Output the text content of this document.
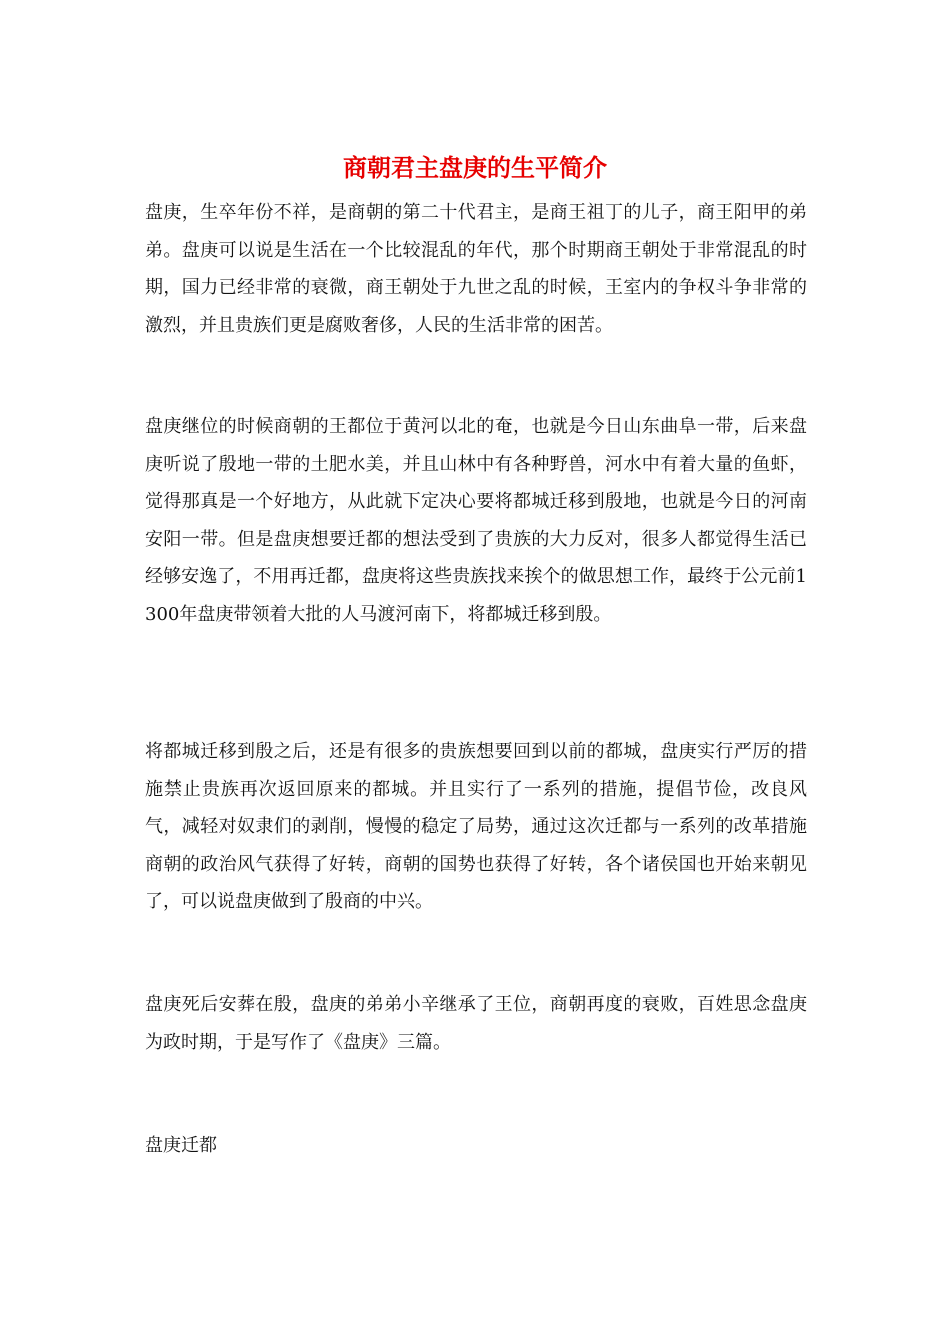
商朝君主盘庚的生平简介

盘庚，生卒年份不祥，是商朝的第二十代君主，是商王祖丁的儿子，商王阳甲的弟弟。盘庚可以说是生活在一个比较混乱的年代，那个时期商王朝处于非常混乱的时期，国力已经非常的衰微，商王朝处于九世之乱的时候，王室内的争权斗争非常的激烈，并且贵族们更是腐败奢侈，人民的生活非常的困苦。

盘庚继位的时候商朝的王都位于黄河以北的奄，也就是今日山东曲阜一带，后来盘庚听说了殷地一带的土肥水美，并且山林中有各种野兽，河水中有着大量的鱼虾，觉得那真是一个好地方，从此就下定决心要将都城迁移到殷地，也就是今日的河南安阳一带。但是盘庚想要迁都的想法受到了贵族的大力反对，很多人都觉得生活已经够安逸了，不用再迁都，盘庚将这些贵族找来挨个的做思想工作，最终于公元前1300年盘庚带领着大批的人马渡河南下，将都城迁移到殷。

将都城迁移到殷之后，还是有很多的贵族想要回到以前的都城，盘庚实行严厉的措施禁止贵族再次返回原来的都城。并且实行了一系列的措施，提倡节俭，改良风气，减轻对奴隶们的剥削，慢慢的稳定了局势，通过这次迁都与一系列的改革措施商朝的政治风气获得了好转，商朝的国势也获得了好转，各个诸侯国也开始来朝见了，可以说盘庚做到了殷商的中兴。

盘庚死后安葬在殷，盘庚的弟弟小辛继承了王位，商朝再度的衰败，百姓思念盘庚为政时期，于是写作了《盘庚》三篇。

盘庚迁都
